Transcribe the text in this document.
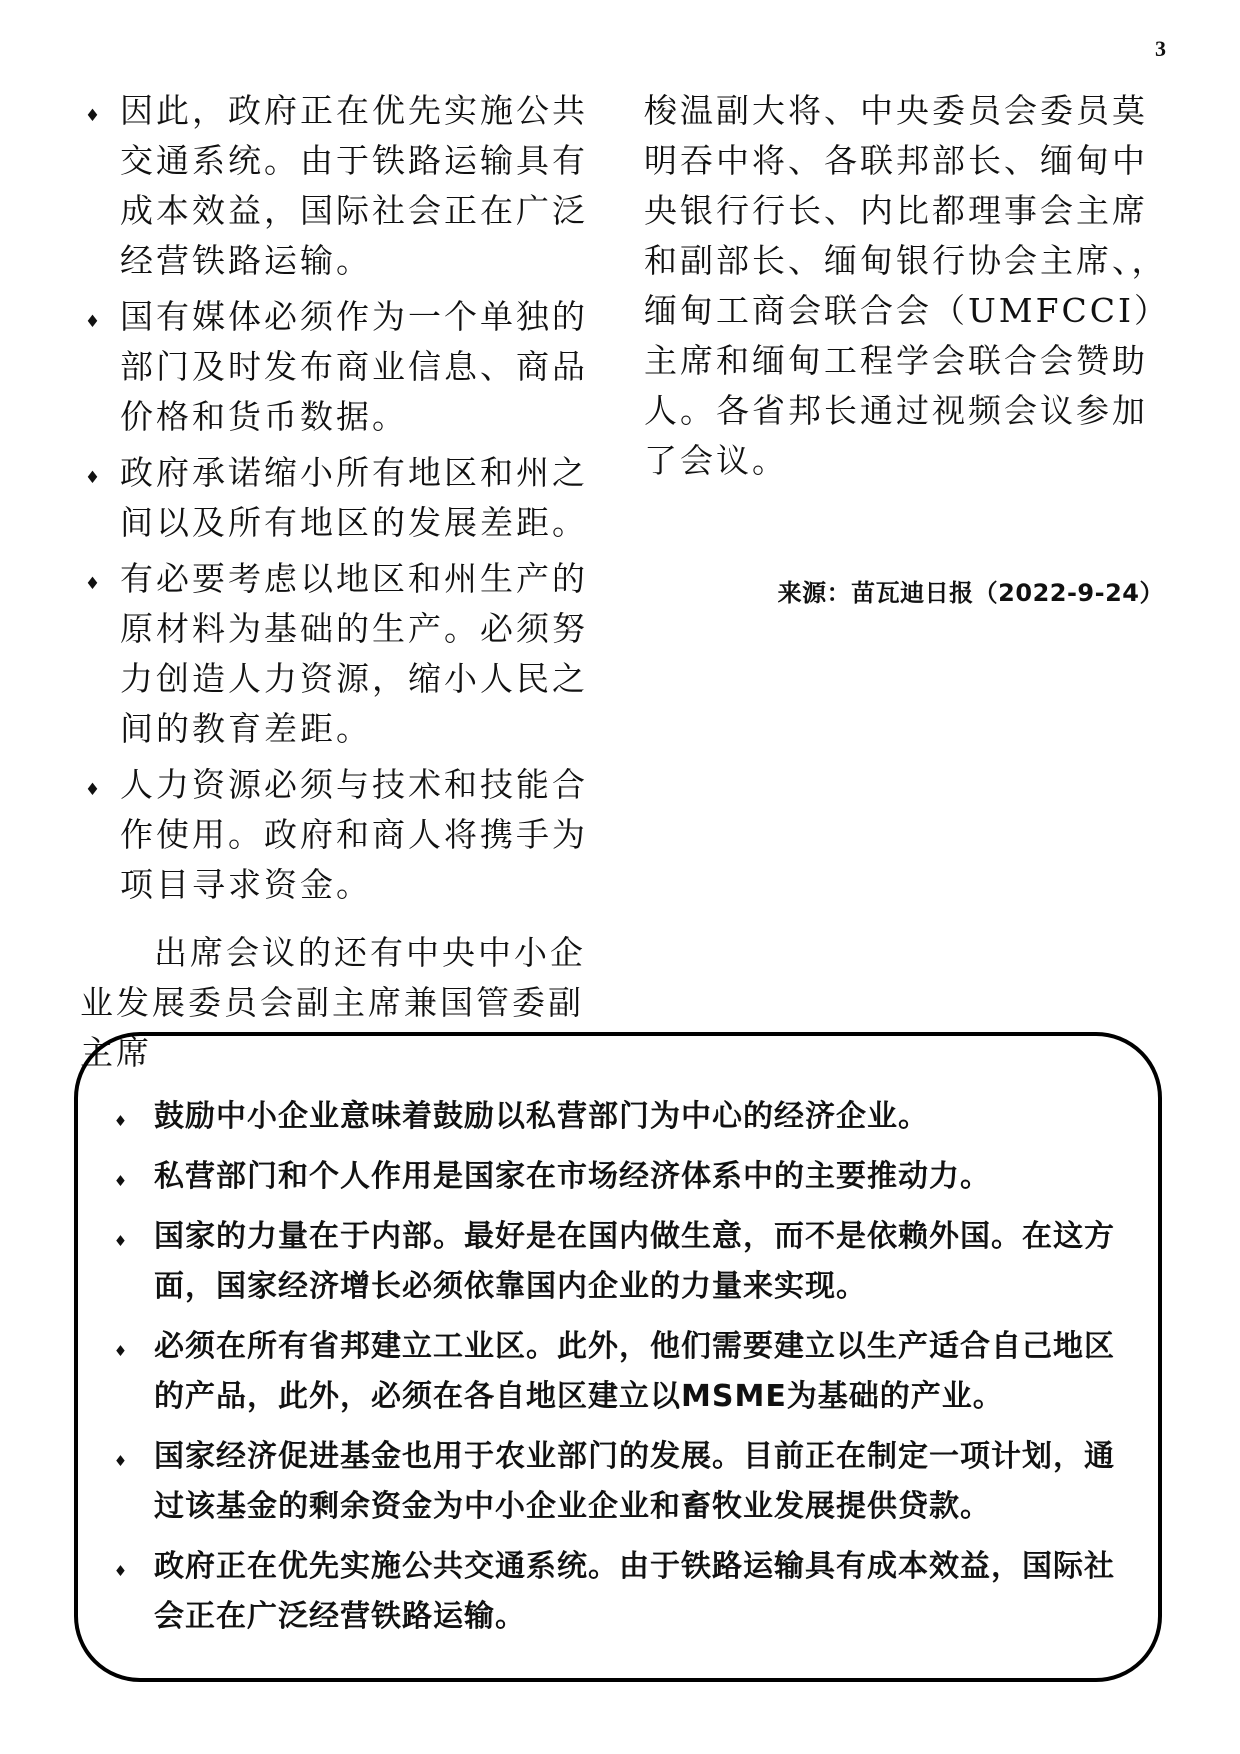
3
♦ 因此，政府正在优先实施公共交通系统。由于铁路运输具有成本效益，国际社会正在广泛经营铁路运输。
♦ 国有媒体必须作为一个单独的部门及时发布商业信息、商品价格和货币数据。
♦ 政府承诺缩小所有地区和州之间以及所有地区的发展差距。
♦ 有必要考虑以地区和州生产的原材料为基础的生产。必须努力创造人力资源，缩小人民之间的教育差距。
♦ 人力资源必须与技术和技能合作使用。政府和商人将携手为项目寻求资金。

出席会议的还有中央中小企业发展委员会副主席兼国管委副主席

梭温副大将、中央委员会委员莫明吞中将、各联邦部长、缅甸中央银行行长、内比都理事会主席和副部长、缅甸银行协会主席、，缅甸工商会联合会（UMFCCI）主席和缅甸工程学会联合会赞助人。各省邦长通过视频会议参加了会议。

来源：苗瓦迪日报（2022-9-24）

♦ 鼓励中小企业意味着鼓励以私营部门为中心的经济企业。
♦ 私营部门和个人作用是国家在市场经济体系中的主要推动力。
♦ 国家的力量在于内部。最好是在国内做生意，而不是依赖外国。在这方面，国家经济增长必须依靠国内企业的力量来实现。
♦ 必须在所有省邦建立工业区。此外，他们需要建立以生产适合自己地区的产品，此外，必须在各自地区建立以MSME为基础的产业。
♦ 国家经济促进基金也用于农业部门的发展。目前正在制定一项计划，通过该基金的剩余资金为中小企业企业和畜牧业发展提供贷款。
♦ 政府正在优先实施公共交通系统。由于铁路运输具有成本效益，国际社会正在广泛经营铁路运输。
